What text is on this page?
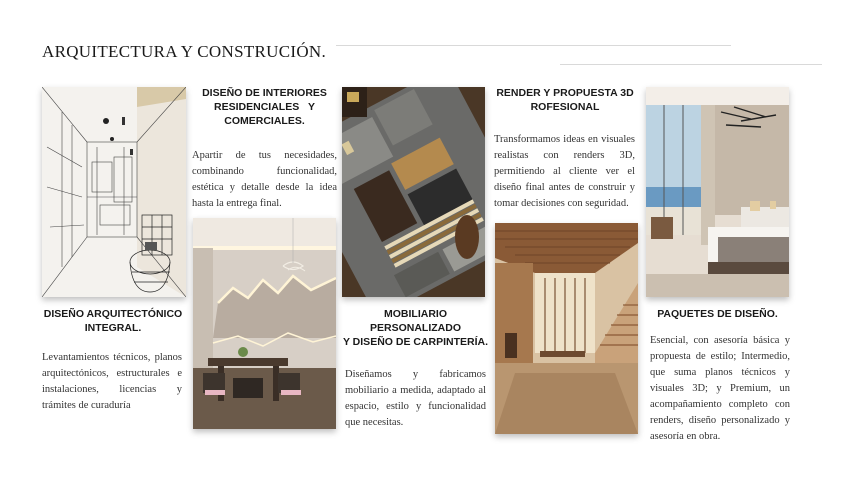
ARQUITECTURA Y CONSTRUCIÓN.
DISEÑO ARQUITECTÓNICO
INTEGRAL.
Levantamientos técnicos, planos arquitectónicos, estructurales e instalaciones, licencias y trámites de curaduría
DISEÑO DE INTERIORES
RESIDENCIALES Y
COMERCIALES.
Apartir de tus necesidades, combinando funcionalidad, estética y detalle desde la idea hasta la entrega final.
MOBILIARIO
PERSONALIZADO
Y DISEÑO DE CARPINTERÍA.
Diseñamos y fabricamos mobiliario a medida, adaptado al espacio, estilo y funcionalidad que necesitas.
RENDER Y PROPUESTA 3D
ROFESIONAL
Transformamos ideas en visuales realistas con renders 3D, permitiendo al cliente ver el diseño final antes de construir y tomar decisiones con seguridad.
PAQUETES DE DISEÑO.
Esencial, con asesoría básica y propuesta de estilo; Intermedio, que suma planos técnicos y visuales 3D; y Premium, un acompañamiento completo con renders, diseño personalizado y asesoría en obra.
